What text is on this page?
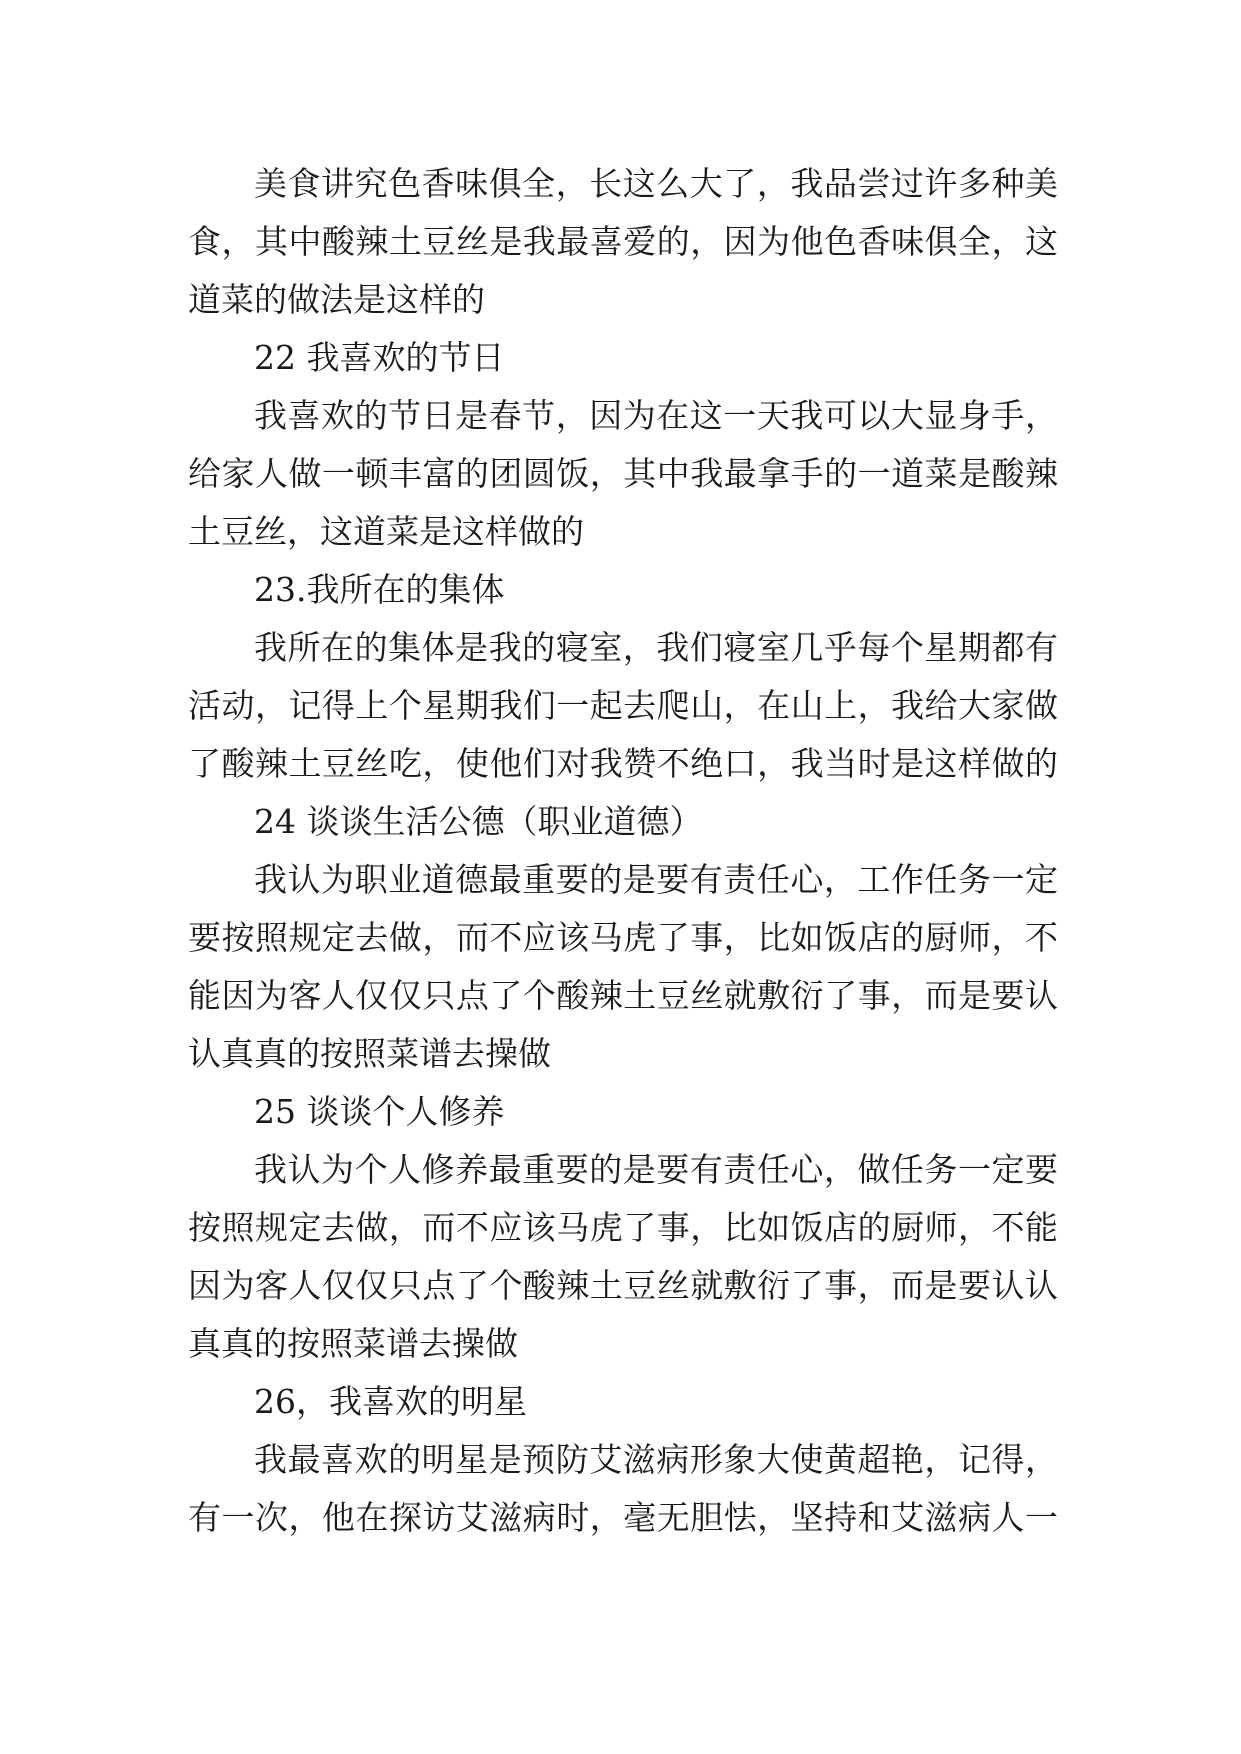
美食讲究色香味俱全，长这么大了，我品尝过许多种美
食，其中酸辣土豆丝是我最喜爱的，因为他色香味俱全，这
道菜的做法是这样的
22 我喜欢的节日
我喜欢的节日是春节，因为在这一天我可以大显身手，
给家人做一顿丰富的团圆饭，其中我最拿手的一道菜是酸辣
土豆丝，这道菜是这样做的
23.我所在的集体
我所在的集体是我的寝室，我们寝室几乎每个星期都有
活动，记得上个星期我们一起去爬山，在山上，我给大家做
了酸辣土豆丝吃，使他们对我赞不绝口，我当时是这样做的
24 谈谈生活公德（职业道德）
我认为职业道德最重要的是要有责任心，工作任务一定
要按照规定去做，而不应该马虎了事，比如饭店的厨师，不
能因为客人仅仅只点了个酸辣土豆丝就敷衍了事，而是要认
认真真的按照菜谱去操做
25 谈谈个人修养
我认为个人修养最重要的是要有责任心，做任务一定要
按照规定去做，而不应该马虎了事，比如饭店的厨师，不能
因为客人仅仅只点了个酸辣土豆丝就敷衍了事，而是要认认
真真的按照菜谱去操做
26，我喜欢的明星
我最喜欢的明星是预防艾滋病形象大使黄超艳，记得，
有一次，他在探访艾滋病时，毫无胆怯，坚持和艾滋病人一
